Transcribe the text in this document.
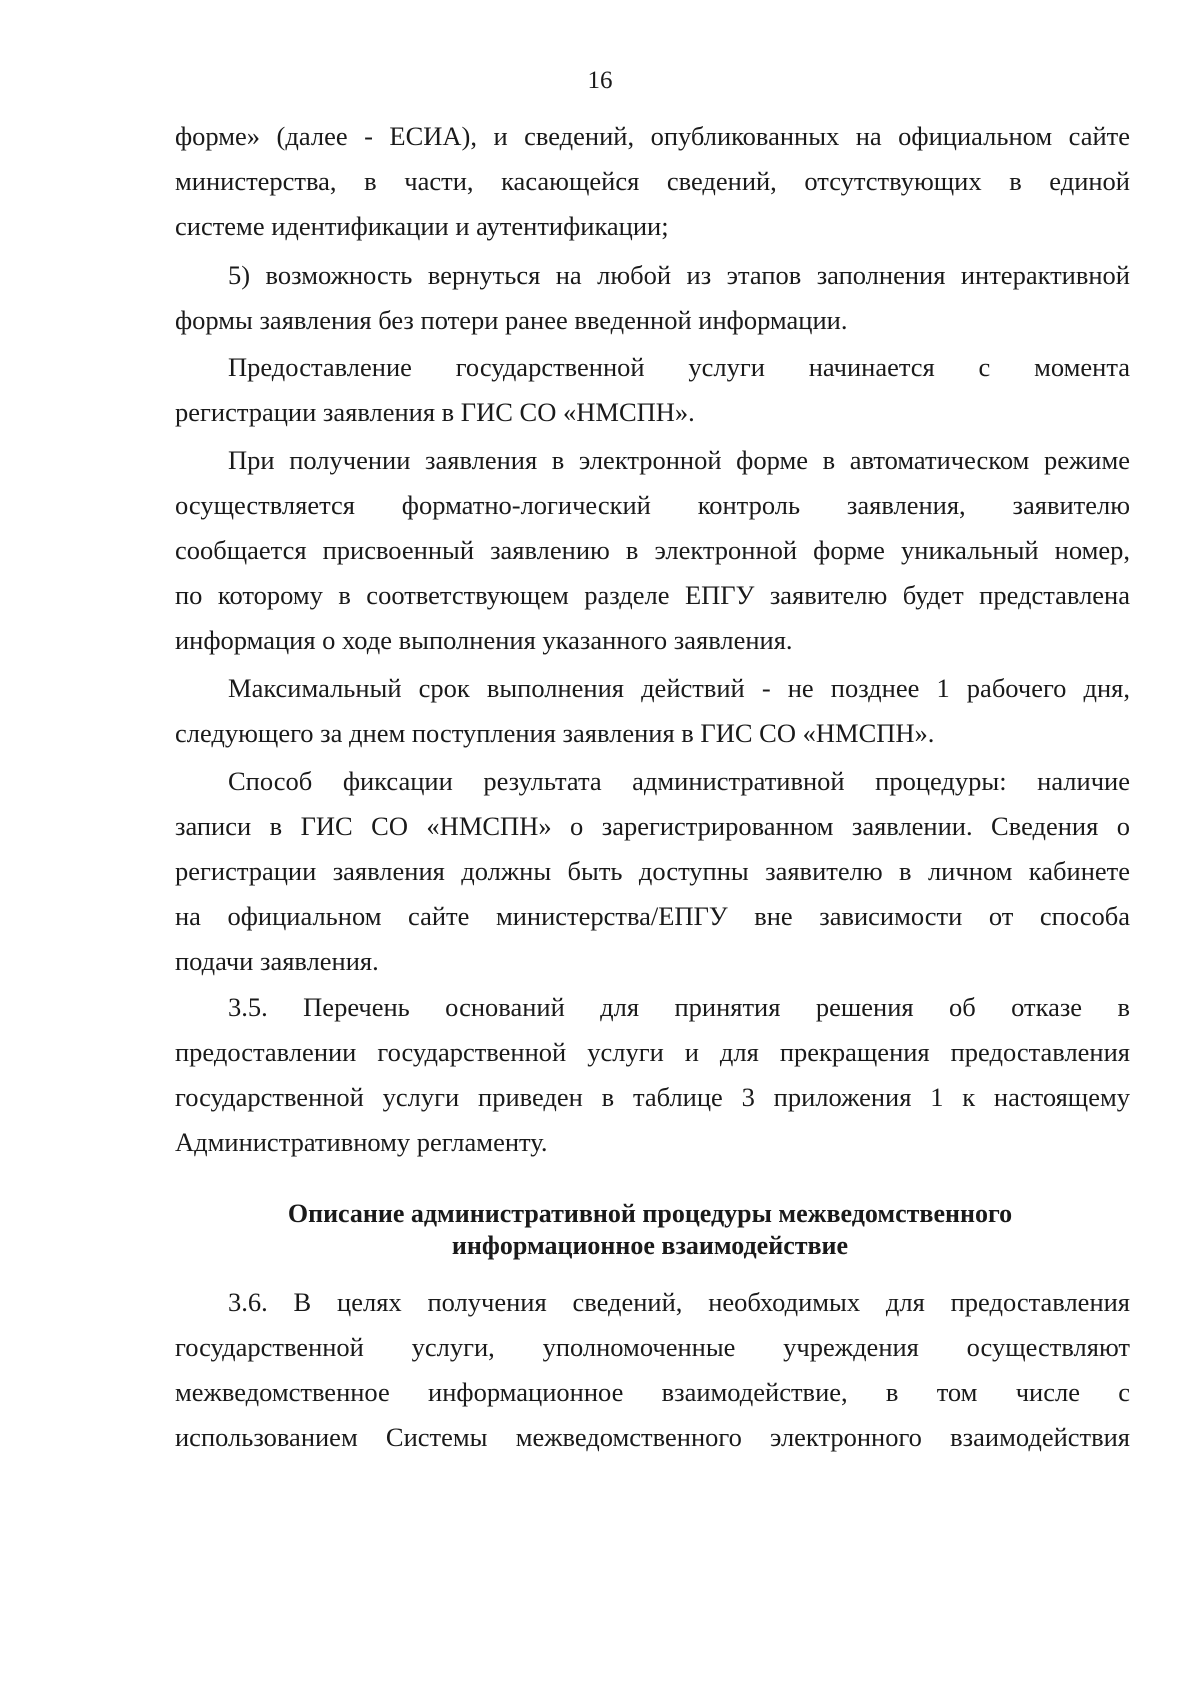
16
форме» (далее - ЕСИА), и сведений, опубликованных на официальном сайте
министерства, в части, касающейся сведений, отсутствующих в единой
системе идентификации и аутентификации;
5) возможность вернуться на любой из этапов заполнения интерактивной
формы заявления без потери ранее введенной информации.
Предоставление государственной услуги начинается с момента
регистрации заявления в ГИС СО «НМСПН».
При получении заявления в электронной форме в автоматическом режиме
осуществляется форматно-логический контроль заявления, заявителю
сообщается присвоенный заявлению в электронной форме уникальный номер,
по которому в соответствующем разделе ЕПГУ заявителю будет представлена
информация о ходе выполнения указанного заявления.
Максимальный срок выполнения действий - не позднее 1 рабочего дня,
следующего за днем поступления заявления в ГИС СО «НМСПН».
Способ фиксации результата административной процедуры: наличие
записи в ГИС СО «НМСПН» о зарегистрированном заявлении. Сведения о
регистрации заявления должны быть доступны заявителю в личном кабинете
на официальном сайте министерства/ЕПГУ вне зависимости от способа
подачи заявления.
3.5. Перечень оснований для принятия решения об отказе в
предоставлении государственной услуги и для прекращения предоставления
государственной услуги приведен в таблице 3 приложения 1 к настоящему
Административному регламенту.
Описание административной процедуры межведомственного
информационное взаимодействие
3.6. В целях получения сведений, необходимых для предоставления
государственной услуги, уполномоченные учреждения осуществляют
межведомственное информационное взаимодействие, в том числе с
использованием Системы межведомственного электронного взаимодействия
